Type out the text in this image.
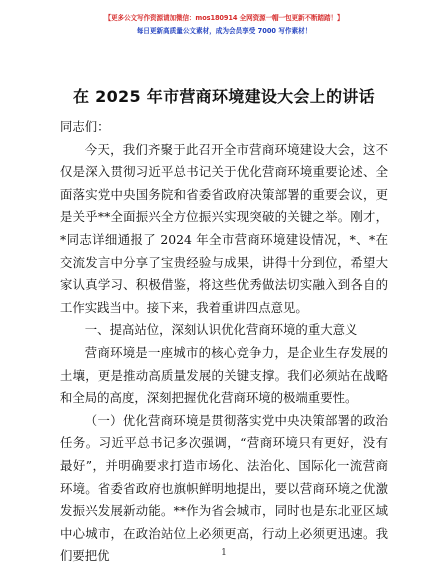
【更多公文写作资源请加微信：mos180914 全网资源一帽一包更新不断踏踏！】
每日更新高质量公文素材，成为会员享受 7000 写作素材！
在 2025 年市营商环境建设大会上的讲话

同志们：

今天，我们齐聚于此召开全市营商环境建设大会，这不仅是深入贯彻习近平总书记关于优化营商环境重要论述、全面落实党中央国务院和省委省政府决策部署的重要会议，更是关乎**全面振兴全方位振兴实现突破的关键之举。刚才，*同志详细通报了 2024 年全市营商环境建设情况，*、*在交流发言中分享了宝贵经验与成果，讲得十分到位，希望大家认真学习、积极借鉴，将这些优秀做法切实融入到各自的工作实践当中。接下来，我着重讲四点意见。

一、提高站位，深刻认识优化营商环境的重大意义

营商环境是一座城市的核心竞争力，是企业生存发展的土壤，更是推动高质量发展的关键支撑。我们必须站在战略和全局的高度，深刻把握优化营商环境的极端重要性。

（一）优化营商环境是贯彻落实党中央决策部署的政治任务。习近平总书记多次强调，“营商环境只有更好，没有最好”，并明确要求打造市场化、法治化、国际化一流营商环境。省委省政府也旗帜鲜明地提出，要以营商环境之优激发振兴发展新动能。**作为省会城市，同时也是东北亚区域中心城市，在政治站位上必须更高，行动上必须更迅速。我们要把优	1
